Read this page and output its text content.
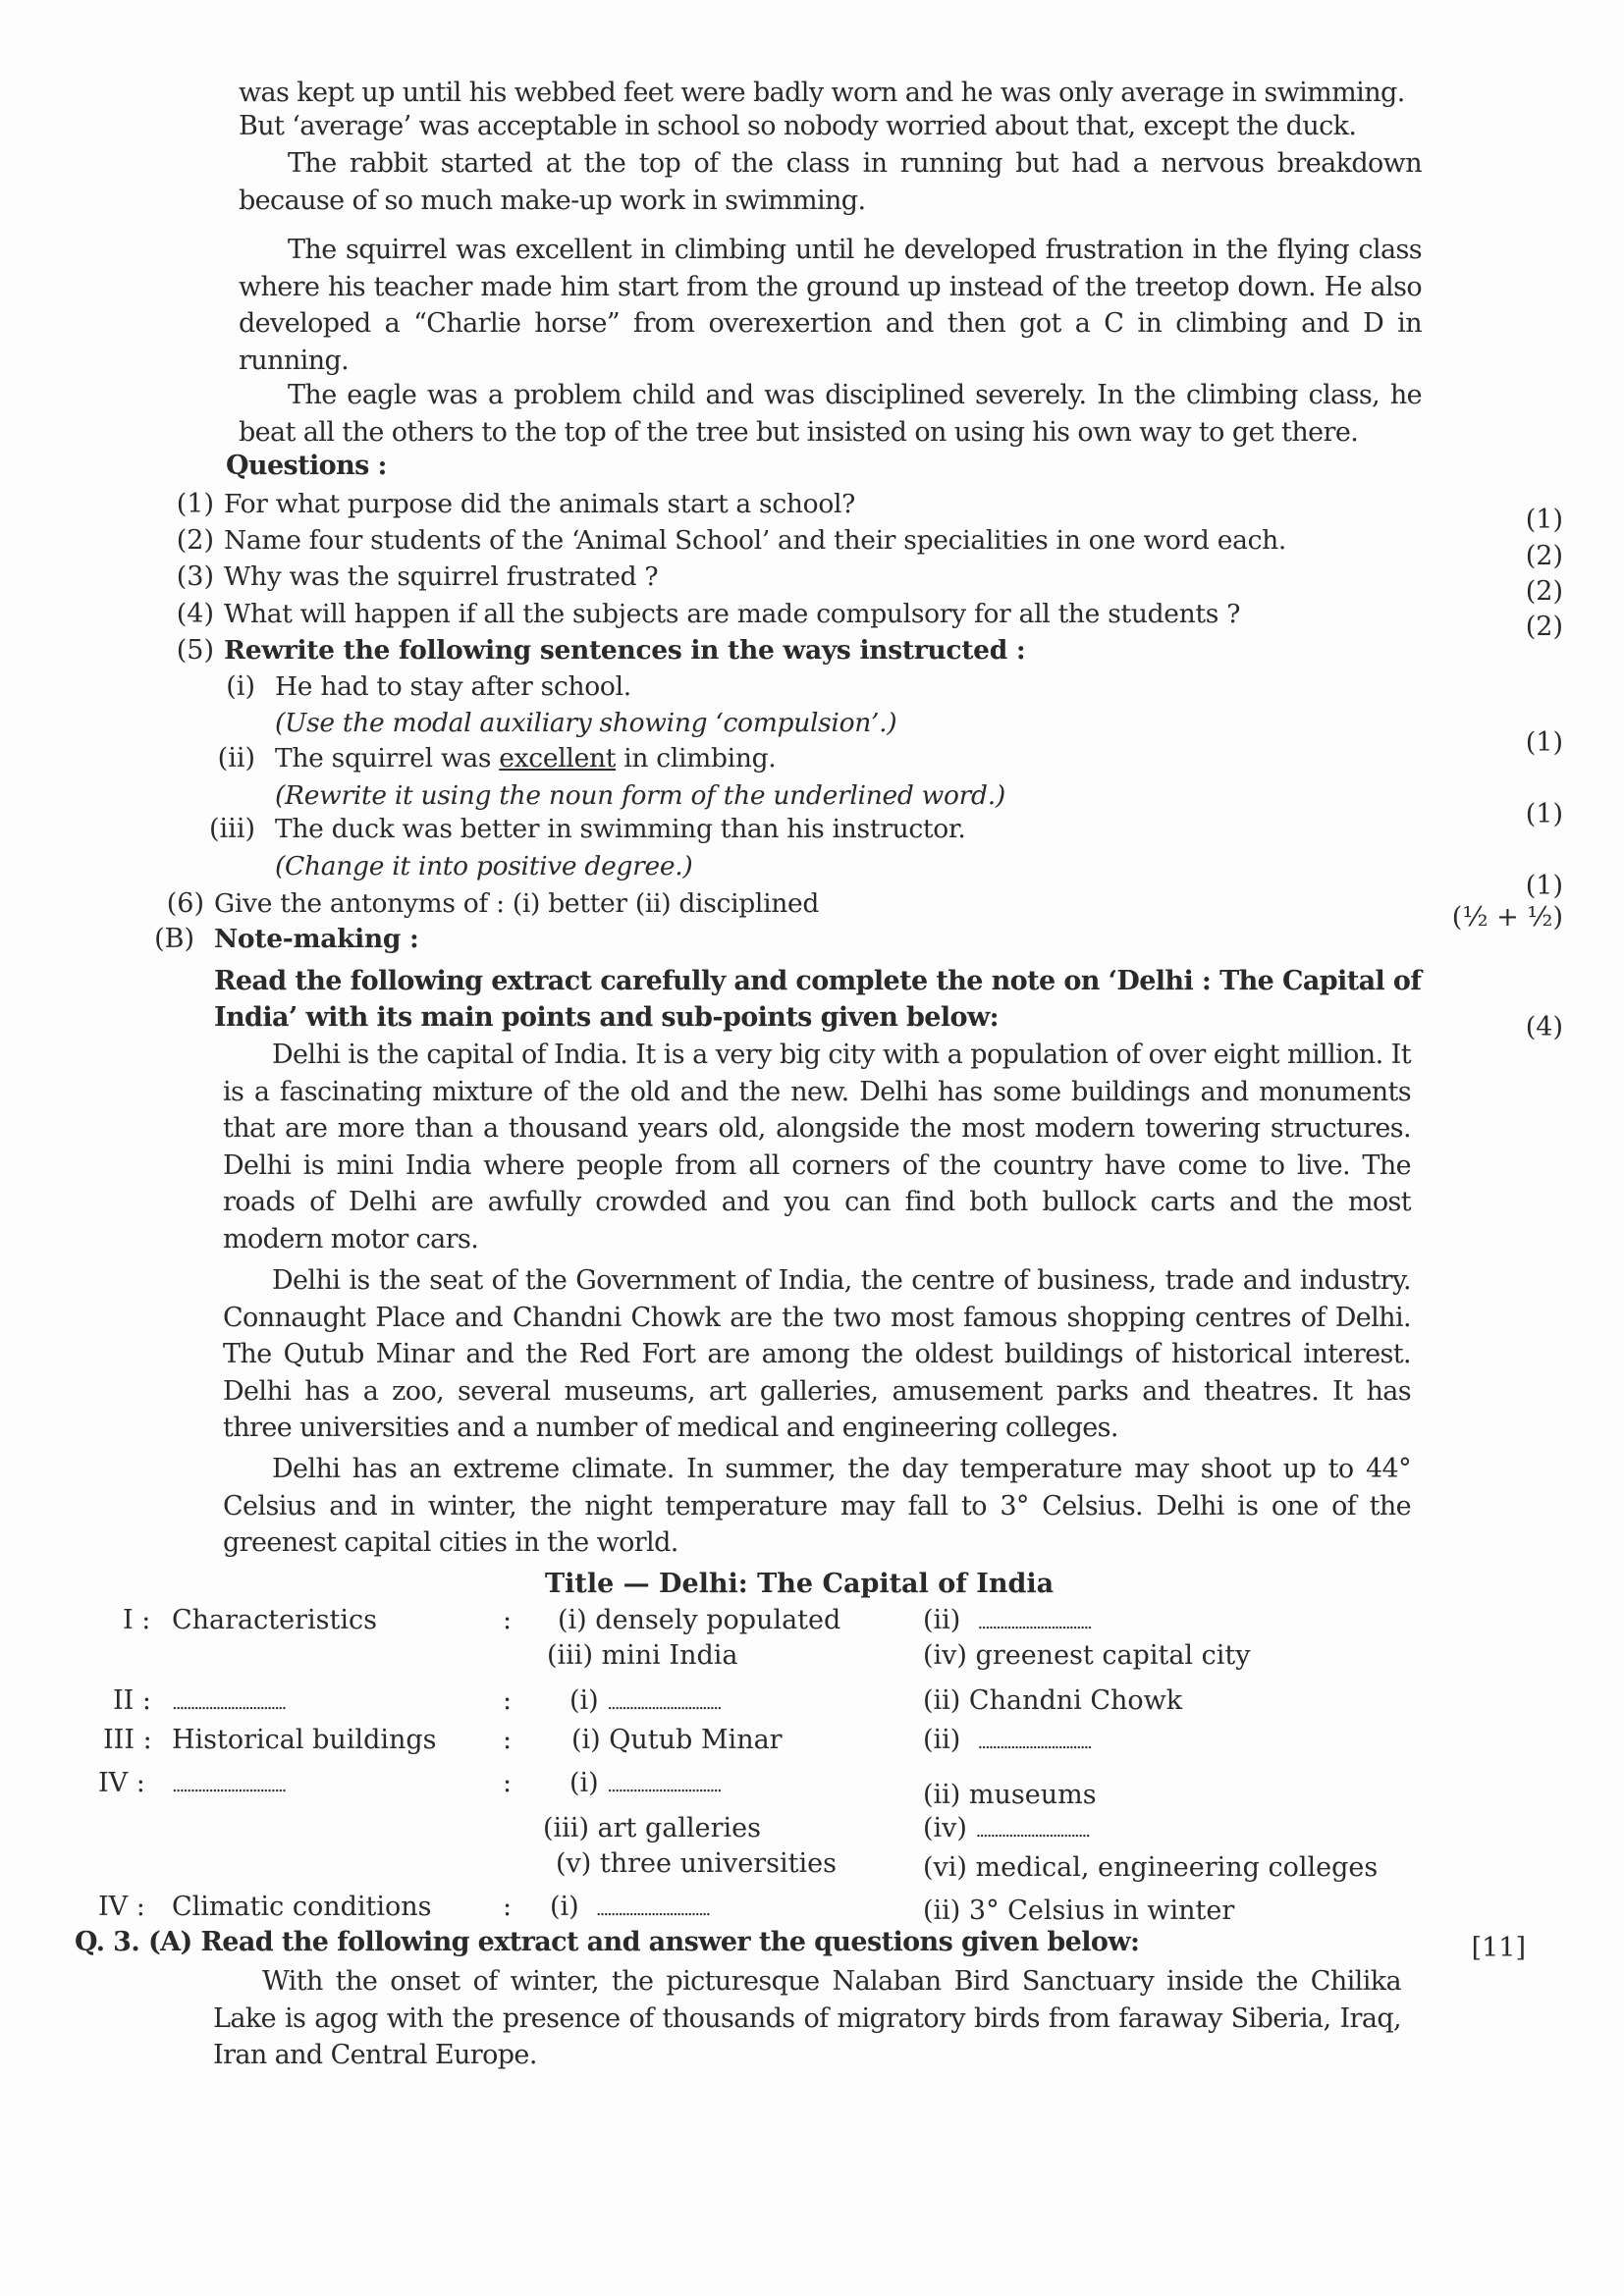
was kept up until his webbed feet were badly worn and he was only average in swimming.
But ‘average’ was acceptable in school so nobody worried about that, except the duck.
The rabbit started at the top of the class in running but had a nervous breakdown because of so much make-up work in swimming.
The squirrel was excellent in climbing until he developed frustration in the flying class where his teacher made him start from the ground up instead of the treetop down. He also developed a “Charlie horse” from overexertion and then got a C in climbing and D in running.
The eagle was a problem child and was disciplined severely. In the climbing class, he beat all the others to the top of the tree but insisted on using his own way to get there.
Questions :
(1) For what purpose did the animals start a school?
(1)
(2) Name four students of the ‘Animal School’ and their specialities in one word each.
(2)
(3) Why was the squirrel frustrated ?	(2)
(4) What will happen if all the subjects are made compulsory for all the students ?	(2)
(5) Rewrite the following sentences in the ways instructed :
(i) He had to stay after school.
(Use the modal auxiliary showing ‘compulsion’.)
(1)
(ii) The squirrel was excellent in climbing.
(Rewrite it using the noun form of the underlined word.)
(1)
(iii) The duck was better in swimming than his instructor.
(Change it into positive degree.)
(1)
(6) Give the antonyms of : (i) better (ii) disciplined	(½ + ½)
(B) Note-making :
Read the following extract carefully and complete the note on ‘Delhi : The Capital of
India’ with its main points and sub-points given below:	(4)
Delhi is the capital of India. It is a very big city with a population of over eight million. It is a fascinating mixture of the old and the new. Delhi has some buildings and monuments that are more than a thousand years old, alongside the most modern towering structures. Delhi is mini India where people from all corners of the country have come to live. The roads of Delhi are awfully crowded and you can find both bullock carts and the most modern motor cars.
Delhi is the seat of the Government of India, the centre of business, trade and industry. Connaught Place and Chandni Chowk are the two most famous shopping centres of Delhi. The Qutub Minar and the Red Fort are among the oldest buildings of historical interest. Delhi has a zoo, several museums, art galleries, amusement parks and theatres. It has three universities and a number of medical and engineering colleges.
Delhi has an extreme climate. In summer, the day temperature may shoot up to 44° Celsius and in winter, the night temperature may fall to 3° Celsius. Delhi is one of the greenest capital cities in the world.
Title — Delhi: The Capital of India
I : Characteristics	: (i) densely populated	(ii) ...............................
(iii) mini India	(iv) greenest capital city
II : ...............................	: (i) ...............................	(ii) Chandni Chowk
III : Historical buildings : (i) Qutub Minar	(ii) ...............................
IV : ...............................	: (i) ...............................	(ii) museums
(iii) art galleries	(iv) ...............................
(v) three universities	(vi) medical, engineering colleges
IV : Climatic conditions	: (i) ...............................	(ii) 3° Celsius in winter
Q. 3. (A) Read the following extract and answer the questions given below:	[11]
With the onset of winter, the picturesque Nalaban Bird Sanctuary inside the Chilika Lake is agog with the presence of thousands of migratory birds from faraway Siberia, Iraq, Iran and Central Europe.
